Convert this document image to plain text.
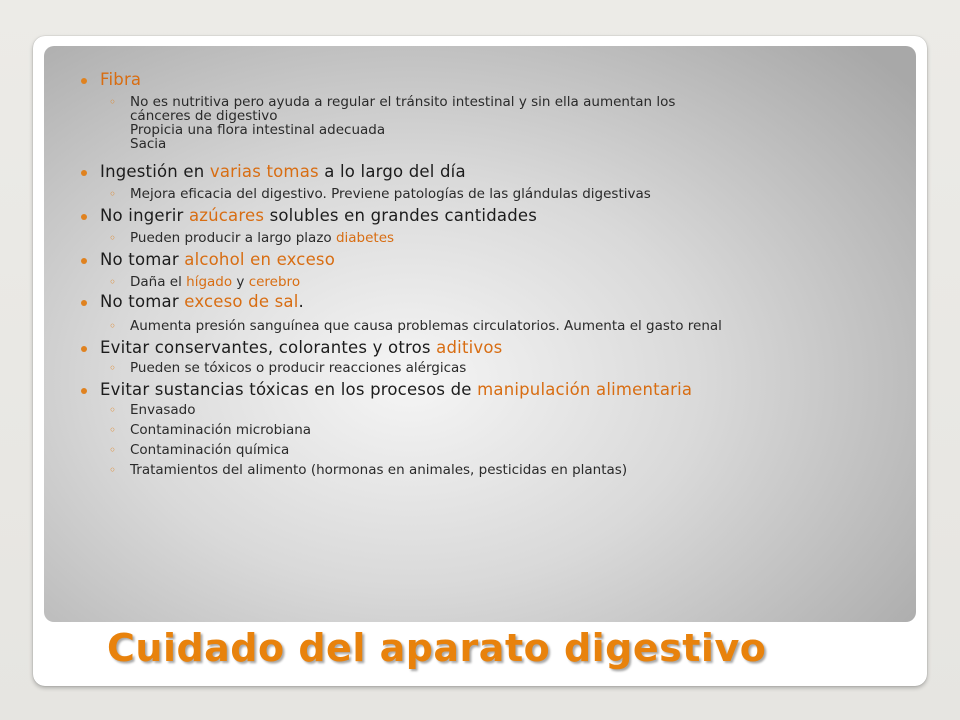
Fibra
◦ No es nutritiva pero ayuda a regular el tránsito intestinal y sin ella aumentan los
cánceres de digestivo
Propicia una flora intestinal adecuada
Sacia
Ingestión en varias tomas a lo largo del día
◦ Mejora eficacia del digestivo. Previene patologías de las glándulas digestivas
No ingerir azúcares solubles en grandes cantidades
◦ Pueden producir a largo plazo diabetes
No tomar alcohol en exceso
◦ Daña el hígado y cerebro
No tomar exceso de sal.
◦ Aumenta presión sanguínea que causa problemas circulatorios. Aumenta el gasto renal
Evitar conservantes, colorantes y otros aditivos
◦ Pueden se tóxicos o producir reacciones alérgicas
Evitar sustancias tóxicas en los procesos de manipulación alimentaria
◦ Envasado
◦ Contaminación microbiana
◦ Contaminación química
◦ Tratamientos del alimento (hormonas en animales, pesticidas en plantas)
Cuidado del aparato digestivo
